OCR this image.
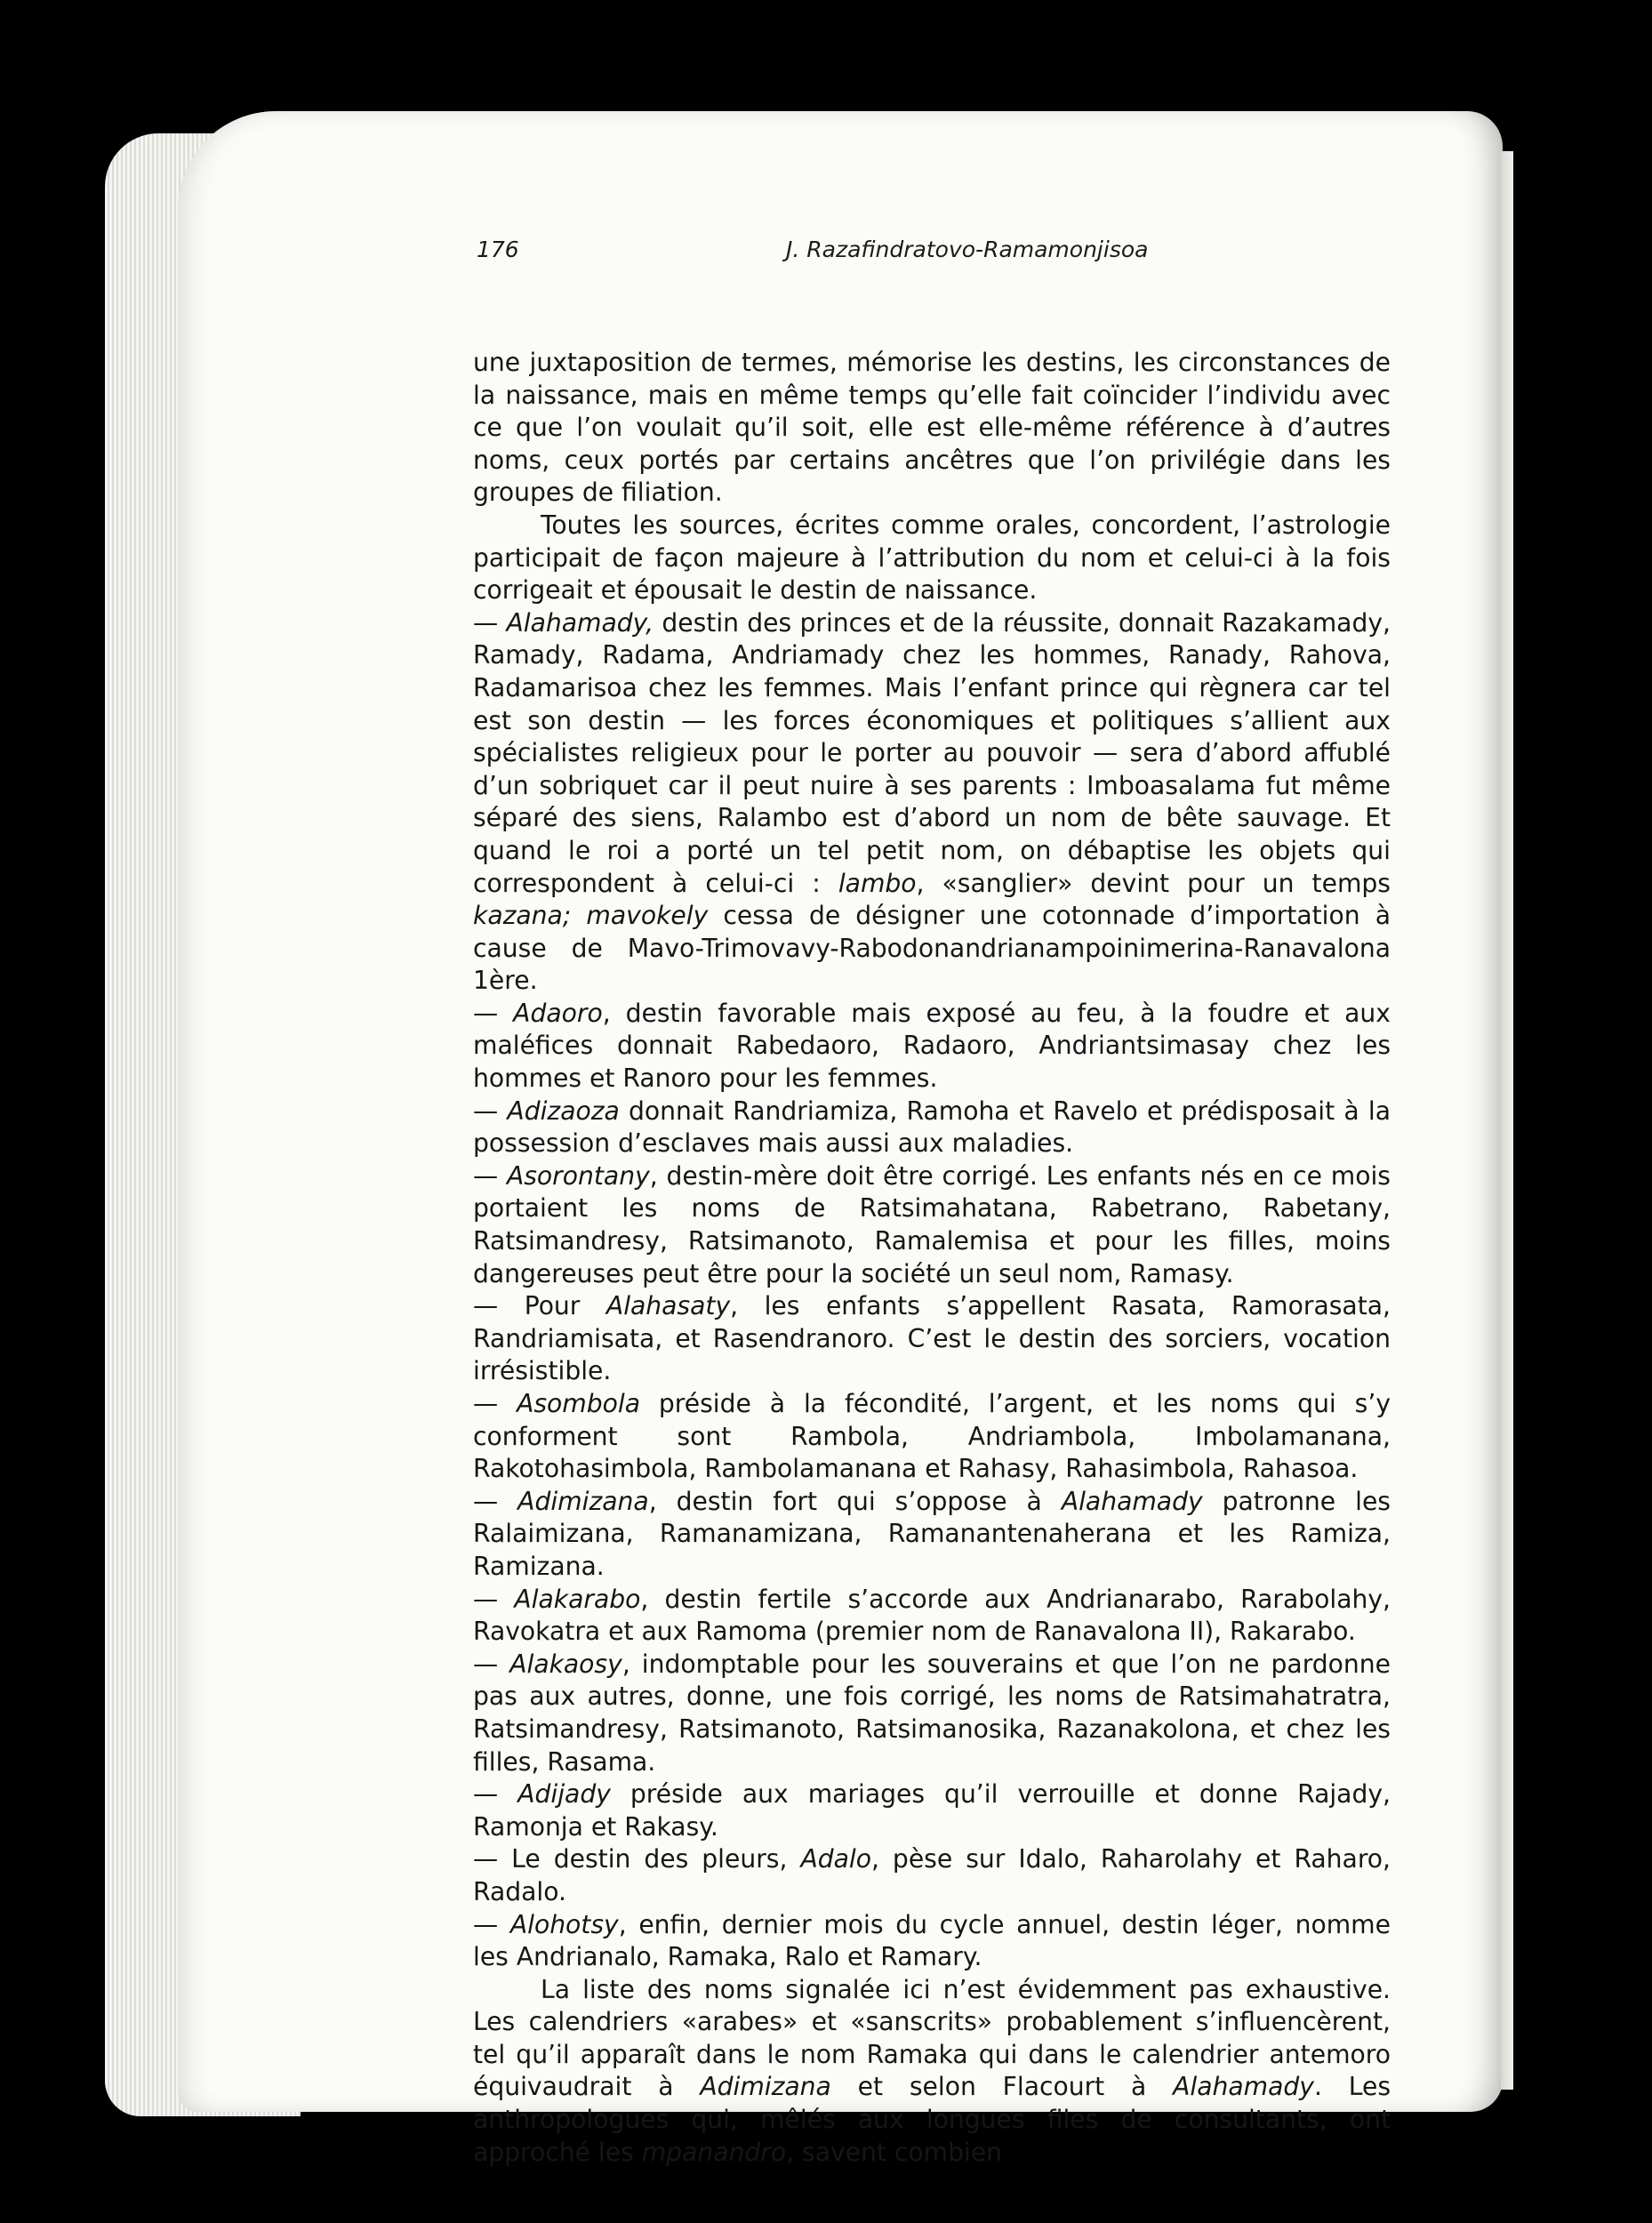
176	J. Razafindratovo-Ramamonjisoa

une juxtaposition de termes, mémorise les destins, les circonstances de la naissance, mais en même temps qu’elle fait coïncider l’individu avec ce que l’on voulait qu’il soit, elle est elle-même référence à d’autres noms, ceux portés par certains ancêtres que l’on privilégie dans les groupes de filiation.

Toutes les sources, écrites comme orales, concordent, l’astrologie participait de façon majeure à l’attribution du nom et celui-ci à la fois corrigeait et épousait le destin de naissance.

— Alahamady, destin des princes et de la réussite, donnait Razakamady, Ramady, Radama, Andriamady chez les hommes, Ranady, Rahova, Radamarisoa chez les femmes. Mais l’enfant prince qui règnera car tel est son destin — les forces économiques et politiques s’allient aux spécialistes religieux pour le porter au pouvoir — sera d’abord affublé d’un sobriquet car il peut nuire à ses parents : Imboasalama fut même séparé des siens, Ralambo est d’abord un nom de bête sauvage. Et quand le roi a porté un tel petit nom, on débaptise les objets qui correspondent à celui-ci : lambo, «sanglier» devint pour un temps kazana; mavokely cessa de désigner une cotonnade d’importation à cause de Mavo-Trimovavy-Rabodonandrianampoinimerina-Ranavalona 1ère.

— Adaoro, destin favorable mais exposé au feu, à la foudre et aux maléfices donnait Rabedaoro, Radaoro, Andriantsimasay chez les hommes et Ranoro pour les femmes.

— Adizaoza donnait Randriamiza, Ramoha et Ravelo et prédisposait à la possession d’esclaves mais aussi aux maladies.

— Asorontany, destin-mère doit être corrigé. Les enfants nés en ce mois portaient les noms de Ratsimahatana, Rabetrano, Rabetany, Ratsimandresy, Ratsimanoto, Ramalemisa et pour les filles, moins dangereuses peut être pour la société un seul nom, Ramasy.

— Pour Alahasaty, les enfants s’appellent Rasata, Ramorasata, Randriamisata, et Rasendranoro. C’est le destin des sorciers, vocation irrésistible.

— Asombola préside à la fécondité, l’argent, et les noms qui s’y conforment sont Rambola, Andriambola, Imbolamanana, Rakotohasimbola, Rambolamanana et Rahasy, Rahasimbola, Rahasoa.

— Adimizana, destin fort qui s’oppose à Alahamady patronne les Ralaimizana, Ramanamizana, Ramanantenaherana et les Ramiza, Ramizana.

— Alakarabo, destin fertile s’accorde aux Andrianarabo, Rarabolahy, Ravokatra et aux Ramoma (premier nom de Ranavalona II), Rakarabo.

— Alakaosy, indomptable pour les souverains et que l’on ne pardonne pas aux autres, donne, une fois corrigé, les noms de Ratsimahatratra, Ratsimandresy, Ratsimanoto, Ratsimanosika, Razanakolona, et chez les filles, Rasama.

— Adijady préside aux mariages qu’il verrouille et donne Rajady, Ramonja et Rakasy.

— Le destin des pleurs, Adalo, pèse sur Idalo, Raharolahy et Raharo, Radalo.

— Alohotsy, enfin, dernier mois du cycle annuel, destin léger, nomme les Andrianalo, Ramaka, Ralo et Ramary.

La liste des noms signalée ici n’est évidemment pas exhaustive. Les calendriers «arabes» et «sanscrits» probablement s’influencèrent, tel qu’il apparaît dans le nom Ramaka qui dans le calendrier antemoro équivaudrait à Adimizana et selon Flacourt à Alahamady. Les anthropologues qui, mêlés aux longues files de consultants, ont approché les mpanandro, savent combien
